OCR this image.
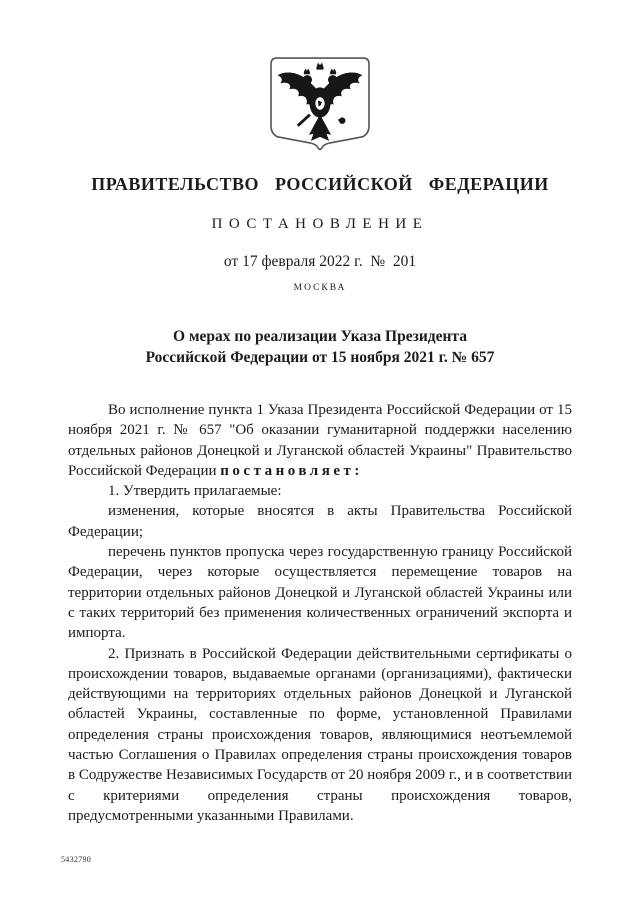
ПРАВИТЕЛЬСТВО РОССИЙСКОЙ ФЕДЕРАЦИИ
ПОСТАНОВЛЕНИЕ
от 17 февраля 2022 г.  №  201
МОСКВА
О мерах по реализации Указа Президента
Российской Федерации от 15 ноября 2021 г. № 657

Во исполнение пункта 1 Указа Президента Российской Федерации от 15 ноября 2021 г. № 657 "Об оказании гуманитарной поддержки населению отдельных районов Донецкой и Луганской областей Украины" Правительство Российской Федерации постановляет:

1. Утвердить прилагаемые:

изменения, которые вносятся в акты Правительства Российской Федерации;

перечень пунктов пропуска через государственную границу Российской Федерации, через которые осуществляется перемещение товаров на территории отдельных районов Донецкой и Луганской областей Украины или с таких территорий без применения количественных ограничений экспорта и импорта.

2. Признать в Российской Федерации действительными сертификаты о происхождении товаров, выдаваемые органами (организациями), фактически действующими на территориях отдельных районов Донецкой и Луганской областей Украины, составленные по форме, установленной Правилами определения страны происхождения товаров, являющимися неотъемлемой частью Соглашения о Правилах определения страны происхождения товаров в Содружестве Независимых Государств от 20 ноября 2009 г., и в соответствии с критериями определения страны происхождения товаров, предусмотренными указанными Правилами.

5432790
